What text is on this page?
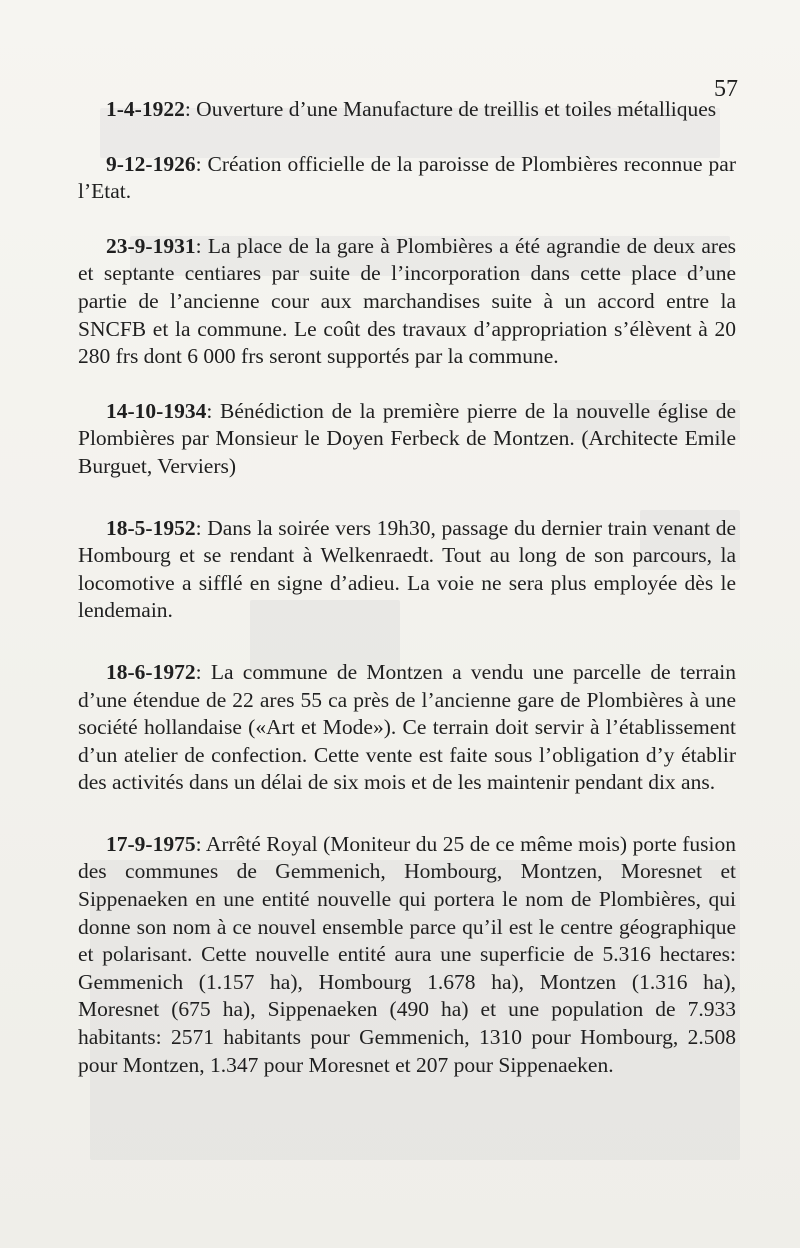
57

1-4-1922: Ouverture d’une Manufacture de treillis et toiles métalliques

9-12-1926: Création officielle de la paroisse de Plombières reconnue par l’Etat.

23-9-1931: La place de la gare à Plombières a été agrandie de deux ares et septante centiares par suite de l’incorporation dans cette place d’une partie de l’ancienne cour aux marchandises suite à un accord entre la SNCFB et la commune. Le coût des travaux d’appropriation s’élèvent à 20 280 frs dont 6 000 frs seront supportés par la commune.

14-10-1934: Bénédiction de la première pierre de la nouvelle église de Plombières par Monsieur le Doyen Ferbeck de Montzen. (Architecte Emile Burguet, Verviers)

18-5-1952: Dans la soirée vers 19h30, passage du dernier train venant de Hombourg et se rendant à Welkenraedt. Tout au long de son parcours, la locomotive a sifflé en signe d’adieu. La voie ne sera plus employée dès le lendemain.

18-6-1972: La commune de Montzen a vendu une parcelle de terrain d’une étendue de 22 ares 55 ca près de l’ancienne gare de Plombières à une société hollandaise («Art et Mode»). Ce terrain doit servir à l’établissement d’un atelier de confection. Cette vente est faite sous l’obligation d’y établir des activités dans un délai de six mois et de les maintenir pendant dix ans.

17-9-1975: Arrêté Royal (Moniteur du 25 de ce même mois) porte fusion des communes de Gemmenich, Hombourg, Montzen, Moresnet et Sippenaeken en une entité nouvelle qui portera le nom de Plombières, qui donne son nom à ce nouvel ensemble parce qu’il est le centre géographique et polarisant. Cette nouvelle entité aura une superficie de 5.316 hectares: Gemmenich (1.157 ha), Hombourg 1.678 ha), Montzen (1.316 ha), Moresnet (675 ha), Sippenaeken (490 ha) et une population de 7.933 habitants: 2571 habitants pour Gemmenich, 1310 pour Hombourg, 2.508 pour Montzen, 1.347 pour Moresnet et 207 pour Sippenaeken.
